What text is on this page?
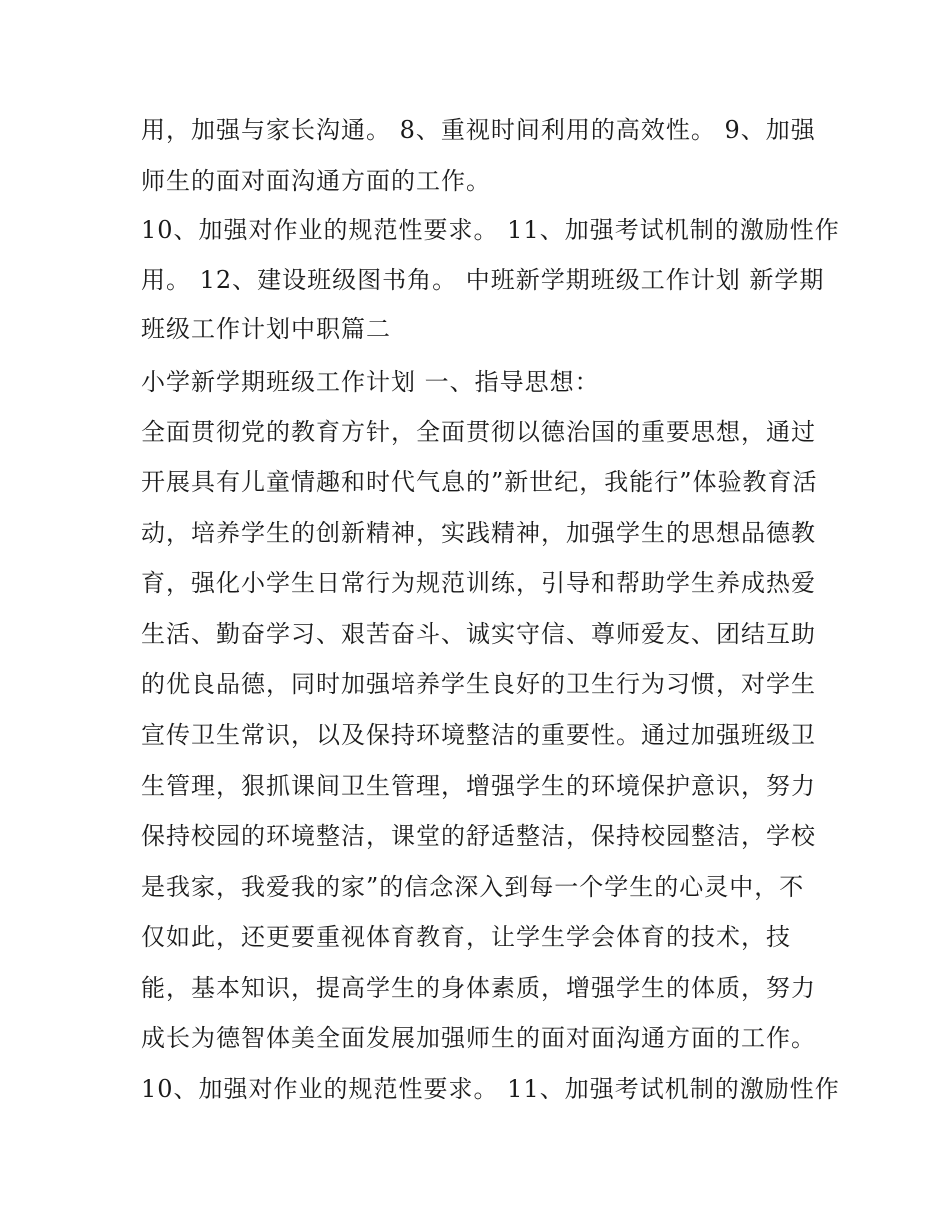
用，加强与家长沟通。 8、重视时间利用的高效性。 9、加强
师生的面对面沟通方面的工作。
10、加强对作业的规范性要求。 11、加强考试机制的激励性作
用。 12、建设班级图书角。 中班新学期班级工作计划 新学期
班级工作计划中职篇二
小学新学期班级工作计划 一、指导思想：
全面贯彻党的教育方针，全面贯彻以德治国的重要思想，通过
开展具有儿童情趣和时代气息的”新世纪，我能行”体验教育活
动，培养学生的创新精神，实践精神，加强学生的思想品德教
育，强化小学生日常行为规范训练，引导和帮助学生养成热爱
生活、勤奋学习、艰苦奋斗、诚实守信、尊师爱友、团结互助
的优良品德，同时加强培养学生良好的卫生行为习惯，对学生
宣传卫生常识，以及保持环境整洁的重要性。通过加强班级卫
生管理，狠抓课间卫生管理，增强学生的环境保护意识，努力
保持校园的环境整洁，课堂的舒适整洁，保持校园整洁，学校
是我家，我爱我的家”的信念深入到每一个学生的心灵中，不
仅如此，还更要重视体育教育，让学生学会体育的技术，技
能，基本知识，提高学生的身体素质，增强学生的体质，努力
成长为德智体美全面发展加强师生的面对面沟通方面的工作。
10、加强对作业的规范性要求。 11、加强考试机制的激励性作
